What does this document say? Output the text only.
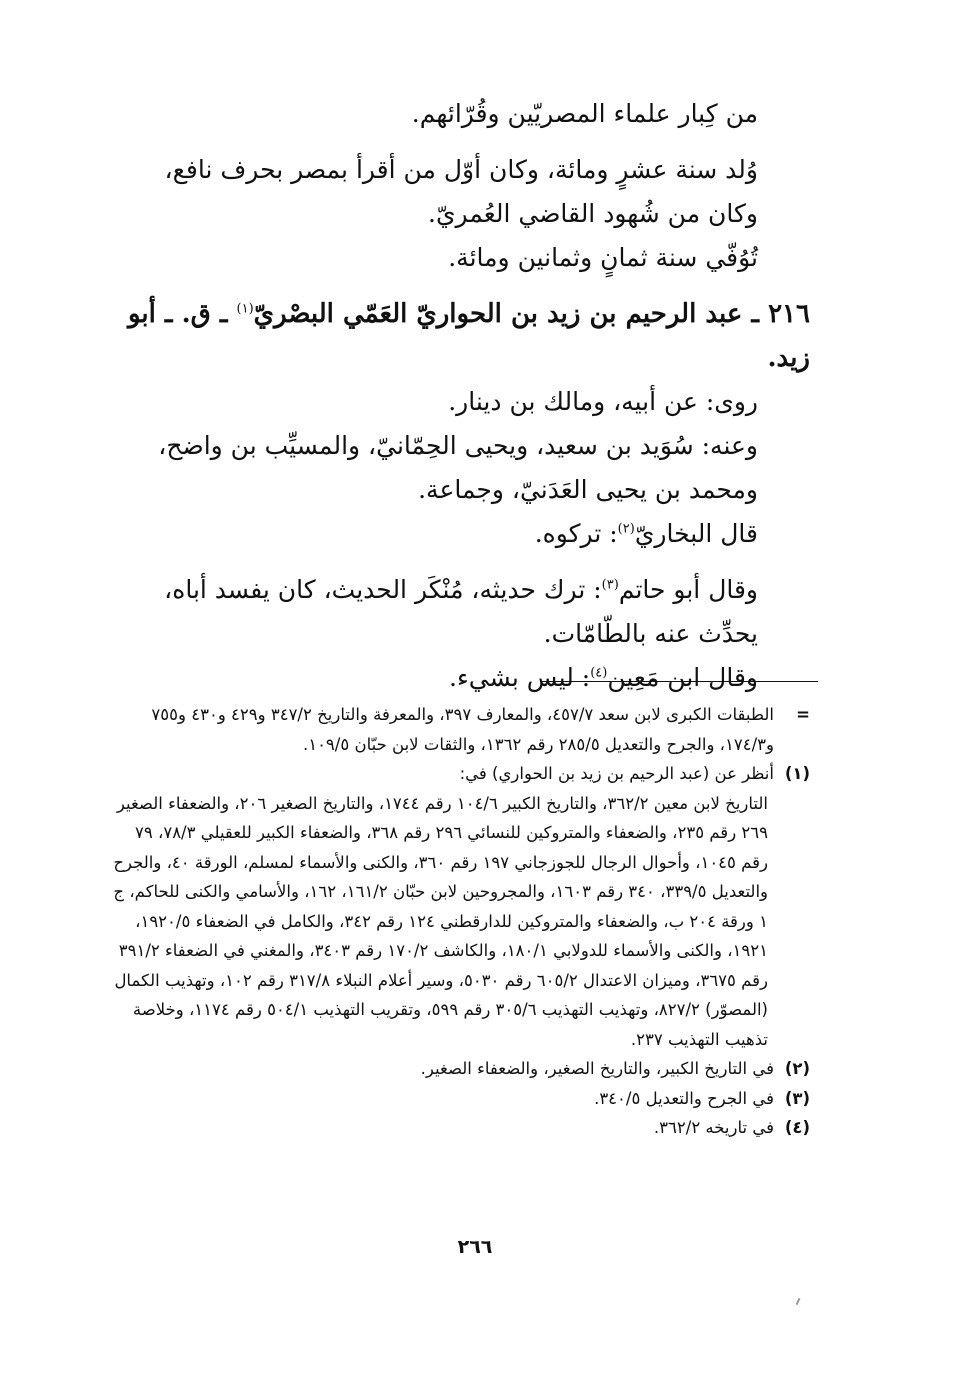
من كِبار علماء المصريّين وقُرّائهم.

وُلد سنة عشرٍ ومائة، وكان أوّل من أقرأ بمصر بحرف نافع، وكان من شُهود القاضي العُمريّ.

تُوُفّي سنة ثمانٍ وثمانين ومائة.

٢١٦ ـ عبد الرحيم بن زيد بن الحواريّ العَمّي البصْريّ$^{(١)}$ ـ ق. ـ أبو زيد.

روى: عن أبيه، ومالك بن دينار.

وعنه: سُوَيد بن سعيد، ويحيى الحِمّانيّ، والمسيِّب بن واضح، ومحمد بن يحيى العَدَنيّ، وجماعة.

قال البخاريّ$^{(٢)}$: تركوه.

وقال أبو حاتم$^{(٣)}$: ترك حديثه، مُنْكَر الحديث، كان يفسد أباه، يحدِّث عنه بالطّامّات.

وقال ابن مَعِين$^{(٤)}$: ليس بشيء.

=
الطبقات الكبرى لابن سعد ٤٥٧/٧، والمعارف ٣٩٧، والمعرفة والتاريخ ٣٤٧/٢ و٤٢٩ و٤٣٠ و٧٥٥ و١٧٤/٣، والجرح والتعديل ٢٨٥/٥ رقم ١٣٦٢، والثقات لابن حبّان ١٠٩/٥.
(١)
أنظر عن (عبد الرحيم بن زيد بن الحواري) في:
التاريخ لابن معين ٣٦٢/٢، والتاريخ الكبير ١٠٤/٦ رقم ١٧٤٤، والتاريخ الصغير ٢٠٦، والضعفاء الصغير ٢٦٩ رقم ٢٣٥، والضعفاء والمتروكين للنسائي ٢٩٦ رقم ٣٦٨، والضعفاء الكبير للعقيلي ٧٨/٣، ٧٩ رقم ١٠٤٥، وأحوال الرجال للجوزجاني ١٩٧ رقم ٣٦٠، والكنى والأسماء لمسلم، الورقة ٤٠، والجرح والتعديل ٣٣٩/٥، ٣٤٠ رقم ١٦٠٣، والمجروحين لابن حبّان ١٦١/٢، ١٦٢، والأسامي والكنى للحاكم، ج ١ ورقة ٢٠٤ ب، والضعفاء والمتروكين للدارقطني ١٢٤ رقم ٣٤٢، والكامل في الضعفاء ١٩٢٠/٥، ١٩٢١، والكنى والأسماء للدولابي ١٨٠/١، والكاشف ١٧٠/٢ رقم ٣٤٠٣، والمغني في الضعفاء ٣٩١/٢ رقم ٣٦٧٥، وميزان الاعتدال ٦٠٥/٢ رقم ٥٠٣٠، وسير أعلام النبلاء ٣١٧/٨ رقم ١٠٢، وتهذيب الكمال (المصوّر) ٨٢٧/٢، وتهذيب التهذيب ٣٠٥/٦ رقم ٥٩٩، وتقريب التهذيب ٥٠٤/١ رقم ١١٧٤، وخلاصة تذهيب التهذيب ٢٣٧.
(٢)
في التاريخ الكبير، والتاريخ الصغير، والضعفاء الصغير.
(٣)
في الجرح والتعديل ٣٤٠/٥.
(٤)
في تاريخه ٣٦٢/٢.
٢٦٦
